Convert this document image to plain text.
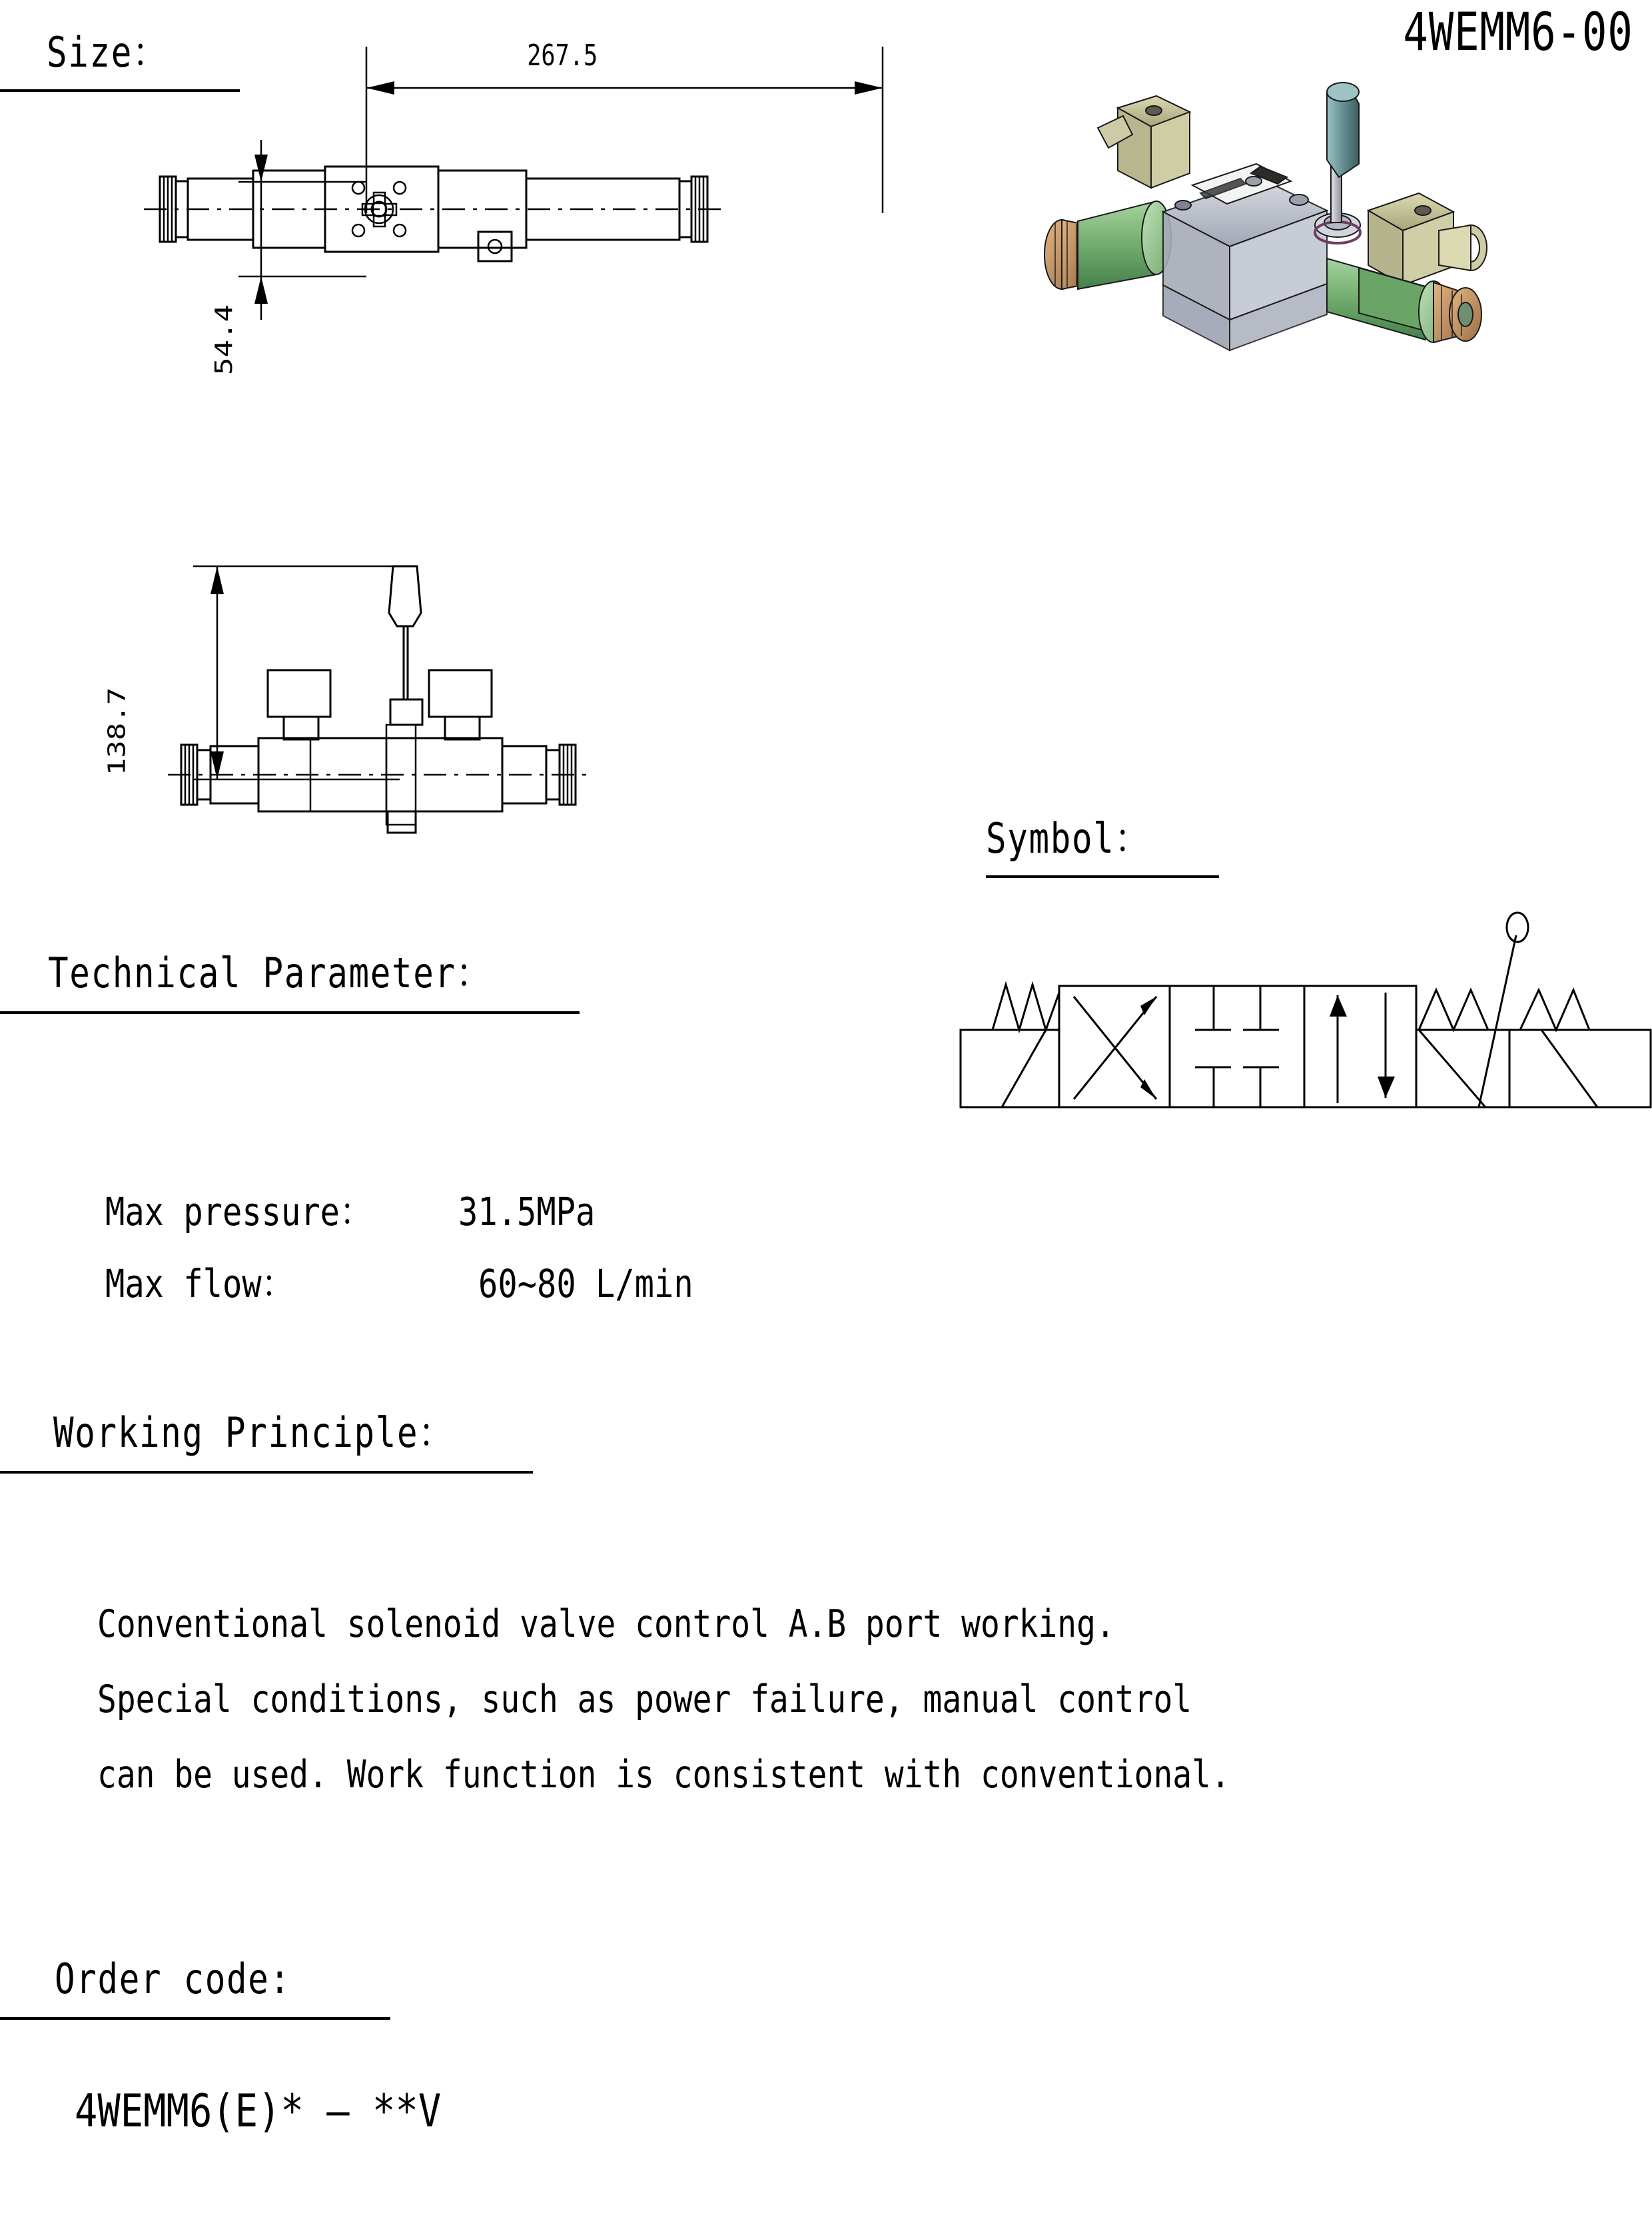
4WEMM6-00
Size：	267.5
54.4
138.7
Symbol：
Technical Parameter：
Max pressure： 31.5MPa
Max flow：	60~80 L/min
Working Principle：
Conventional solenoid valve control A.B port working.
Special conditions, such as power failure, manual control
can be used. Work function is consistent with conventional.
Order code:
4WEMM6(E)* — **V
